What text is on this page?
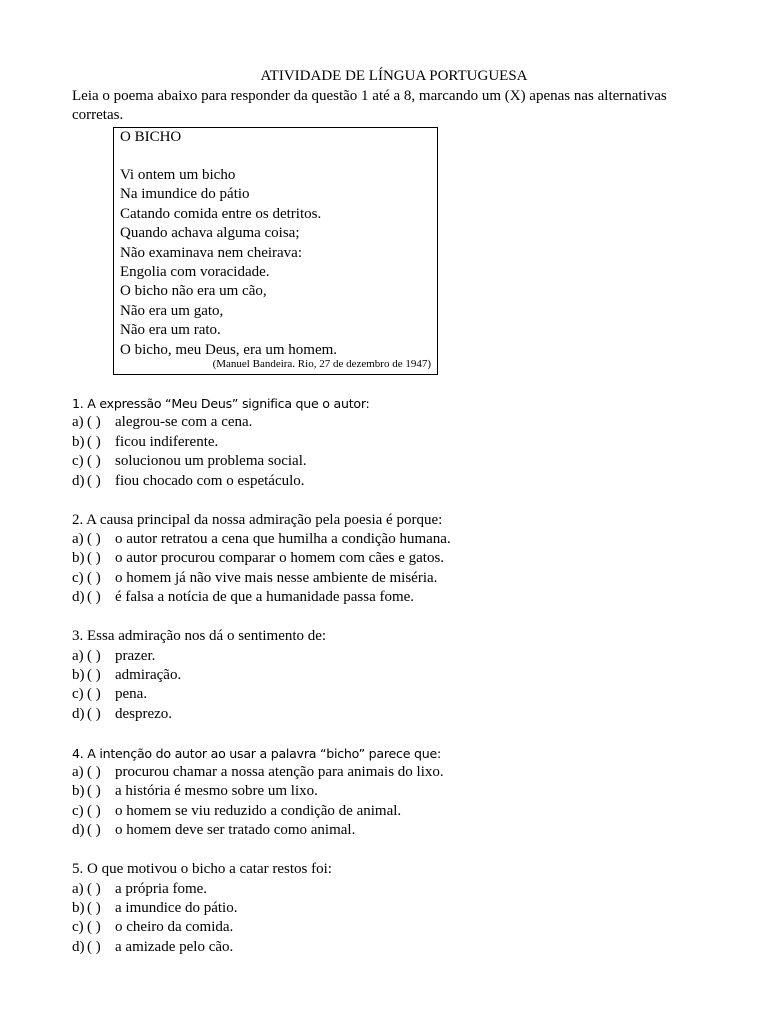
ATIVIDADE DE LÍNGUA PORTUGUESA

Leia o poema abaixo para responder da questão 1 até a 8, marcando um (X) apenas nas alternativas corretas.

O BICHO

Vi ontem um bicho
Na imundice do pátio
Catando comida entre os detritos.
Quando achava alguma coisa;
Não examinava nem cheirava:
Engolia com voracidade.
O bicho não era um cão,
Não era um gato,
Não era um rato.
O bicho, meu Deus, era um homem.

(Manuel Bandeira. Rio, 27 de dezembro de 1947)

1. A expressão “Meu Deus” significa que o autor:

a) ( ) alegrou-se com a cena.
b) ( ) ficou indiferente.
c) ( ) solucionou um problema social.
d) ( ) fiou chocado com o espetáculo.

2. A causa principal da nossa admiração pela poesia é porque:

a) ( ) o autor retratou a cena que humilha a condição humana.
b) ( ) o autor procurou comparar o homem com cães e gatos.
c) ( ) o homem já não vive mais nesse ambiente de miséria.
d) ( ) é falsa a notícia de que a humanidade passa fome.

3. Essa admiração nos dá o sentimento de:

a) ( ) prazer.
b) ( ) admiração.
c) ( ) pena.
d) ( ) desprezo.

4. A intenção do autor ao usar a palavra “bicho” parece que:

a) ( ) procurou chamar a nossa atenção para animais do lixo.
b) ( ) a história é mesmo sobre um lixo.
c) ( ) o homem se viu reduzido a condição de animal.
d) ( ) o homem deve ser tratado como animal.

5. O que motivou o bicho a catar restos foi:

a) ( ) a própria fome.
b) ( ) a imundice do pátio.
c) ( ) o cheiro da comida.
d) ( ) a amizade pelo cão.
